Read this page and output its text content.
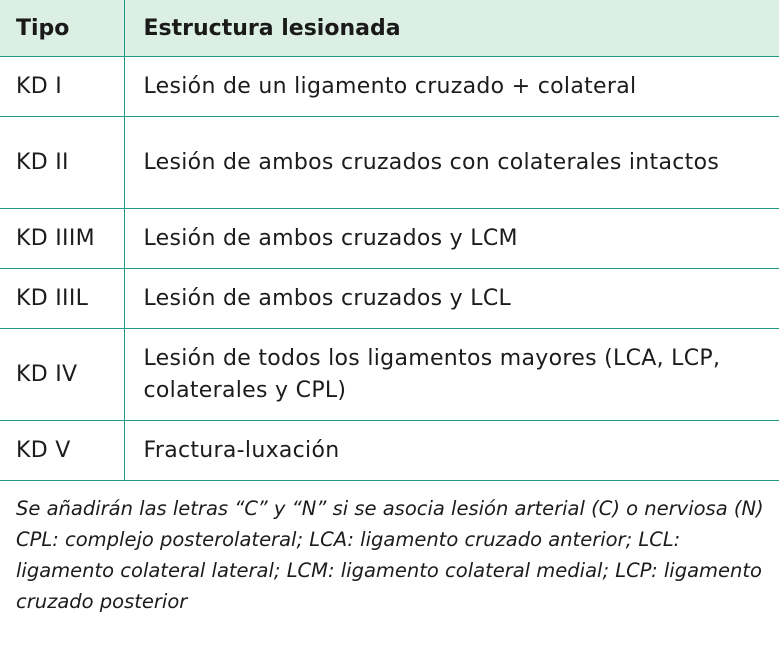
Tipo	Estructura lesionada
KD I	Lesión de un ligamento cruzado + colateral
KD II	Lesión de ambos cruzados con colaterales intactos
KD IIIM	Lesión de ambos cruzados y LCM
KD IIIL	Lesión de ambos cruzados y LCL
KD IV	Lesión de todos los ligamentos mayores (LCA, LCP, colaterales y CPL)
KD V	Fractura-luxación

Se añadirán las letras “C” y “N” si se asocia lesión arterial (C) o nerviosa (N)

CPL: complejo posterolateral; LCA: ligamento cruzado anterior; LCL: ligamento colateral lateral; LCM: ligamento colateral medial; LCP: ligamento cruzado posterior
